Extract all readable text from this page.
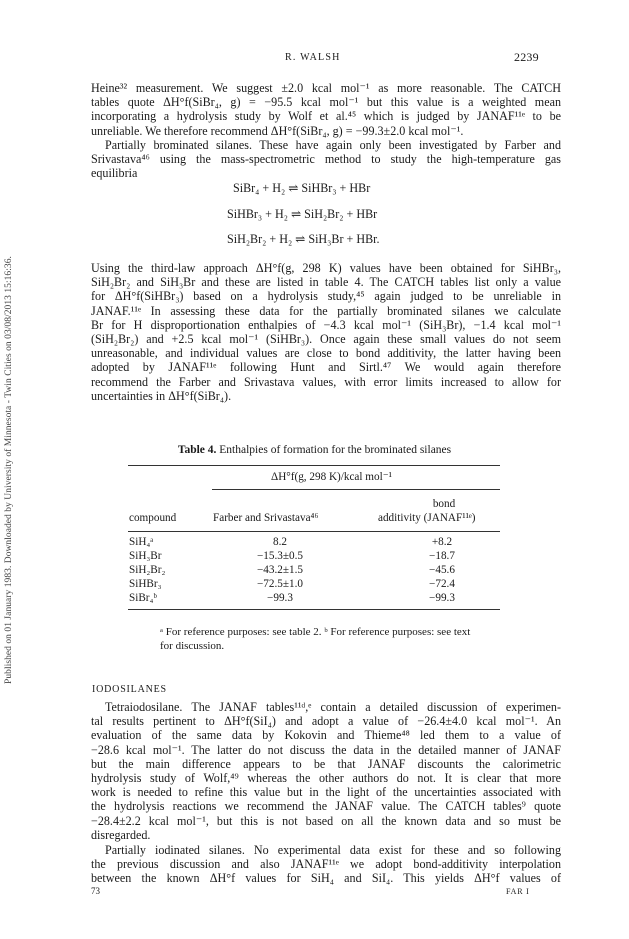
Published on 01 January 1983. Downloaded by University of Minnesota - Twin Cities on 03/08/2013 15:16:36.
R. WALSH	2239
Heine³² measurement. We suggest ±2.0 kcal mol⁻¹ as more reasonable. The CATCH
tables quote ΔH°f(SiBr₄, g) = −95.5 kcal mol⁻¹ but this value is a weighted mean
incorporating a hydrolysis study by Wolf et al.⁴⁵ which is judged by JANAF¹¹ᵉ to be
unreliable. We therefore recommend ΔH°f(SiBr₄, g) = −99.3±2.0 kcal mol⁻¹.
Partially brominated silanes. These have again only been investigated by Farber and
Srivastava⁴⁶ using the mass-spectrometric method to study the high-temperature gas
equilibria
SiBr₄ + H₂ ⇌ SiHBr₃ + HBr
SiHBr₃ + H₂ ⇌ SiH₂Br₂ + HBr
SiH₂Br₂ + H₂ ⇌ SiH₃Br + HBr.
Using the third-law approach ΔH°f(g, 298 K) values have been obtained for SiHBr₃,
SiH₂Br₂ and SiH₃Br and these are listed in table 4. The CATCH tables list only a value
for ΔH°f(SiHBr₃) based on a hydrolysis study,⁴⁵ again judged to be unreliable in
JANAF.¹¹ᵉ In assessing these data for the partially brominated silanes we calculate
Br for H disproportionation enthalpies of −4.3 kcal mol⁻¹ (SiH₃Br), −1.4 kcal mol⁻¹
(SiH₂Br₂) and +2.5 kcal mol⁻¹ (SiHBr₃). Once again these small values do not seem
unreasonable, and individual values are close to bond additivity, the latter having been
adopted by JANAF¹¹ᵉ following Hunt and Sirtl.⁴⁷ We would again therefore
recommend the Farber and Srivastava values, with error limits increased to allow for
uncertainties in ΔH°f(SiBr₄).
Table 4. Enthalpies of formation for the brominated silanes
ΔH°f(g, 298 K)/kcal mol⁻¹
bond
compound	Farber and Srivastava⁴⁶	additivity (JANAF¹¹ᵉ)
SiH₄ᵃ	8.2	+8.2
SiH₃Br	−15.3±0.5	−18.7
SiH₂Br₂	−43.2±1.5	−45.6
SiHBr₃	−72.5±1.0	−72.4
SiBr₄ᵇ	−99.3	−99.3
ᵃ For reference purposes: see table 2. ᵇ For reference purposes: see text
for discussion.
IODOSILANES
Tetraiodosilane. The JANAF tables¹¹ᵈ,ᵉ contain a detailed discussion of experimen-
tal results pertinent to ΔH°f(SiI₄) and adopt a value of −26.4±4.0 kcal mol⁻¹. An
evaluation of the same data by Kokovin and Thieme⁴⁸ led them to a value of
−28.6 kcal mol⁻¹. The latter do not discuss the data in the detailed manner of JANAF
but the main difference appears to be that JANAF discounts the calorimetric
hydrolysis study of Wolf,⁴⁹ whereas the other authors do not. It is clear that more
work is needed to refine this value but in the light of the uncertainties associated with
the hydrolysis reactions we recommend the JANAF value. The CATCH tables⁹ quote
−28.4±2.2 kcal mol⁻¹, but this is not based on all the known data and so must be
disregarded.
Partially iodinated silanes. No experimental data exist for these and so following
the previous discussion and also JANAF¹¹ᵉ we adopt bond-additivity interpolation
between the known ΔH°f values for SiH₄ and SiI₄. This yields ΔH°f values of
73	FAR I
